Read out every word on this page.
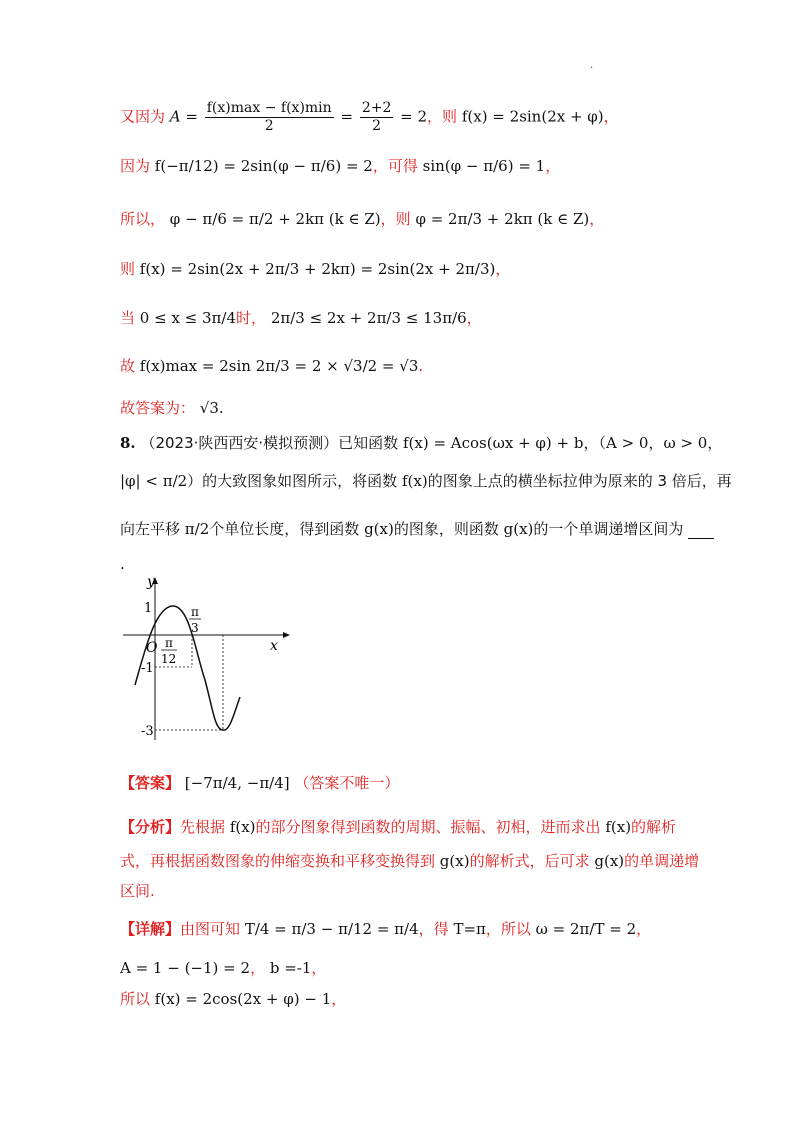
.
又因为 $A = \frac{f(x)\max - f(x)\min}{2} = \frac{2+2}{2} = 2$，则 f(x) = 2sin(2x + φ)，
因为 f(−π/12) = 2sin(φ − π/6) = 2，可得 sin(φ − π/6) = 1，
所以， φ − π/6 = π/2 + 2kπ (k ∈ Z)，则 φ = 2π/3 + 2kπ (k ∈ Z)，
则 f(x) = 2sin(2x + 2π/3 + 2kπ) = 2sin(2x + 2π/3)，
当 0 ≤ x ≤ 3π/4时， 2π/3 ≤ 2x + 2π/3 ≤ 13π/6，
故 f(x)max = 2sin 2π/3 = 2 × √3/2 = √3.
故答案为： √3.
8. （2023·陕西西安·模拟预测）已知函数 f(x) = Acos(ωx + φ) + b，（A > 0，ω > 0，
|φ| < π/2）的大致图象如图所示，将函数 f(x)的图象上点的横坐标拉伸为原来的 3 倍后，再
向左平移 π/2个单位长度，得到函数 g(x)的图象，则函数 g(x)的一个单调递增区间为
.
y
x
O
1
-1
-3
π
12
π
3
【答案】 [−7π/4, −π/4] （答案不唯一）
【分析】先根据 f(x)的部分图象得到函数的周期、振幅、初相，进而求出 f(x)的解析
式，再根据函数图象的伸缩变换和平移变换得到 g(x)的解析式，后可求 g(x)的单调递增
区间.
【详解】由图可知 T/4 = π/3 − π/12 = π/4，得 T=π，所以 ω = 2π/T = 2，
A = 1 − (−1) = 2， b =-1，
所以 f(x) = 2cos(2x + φ) − 1，
